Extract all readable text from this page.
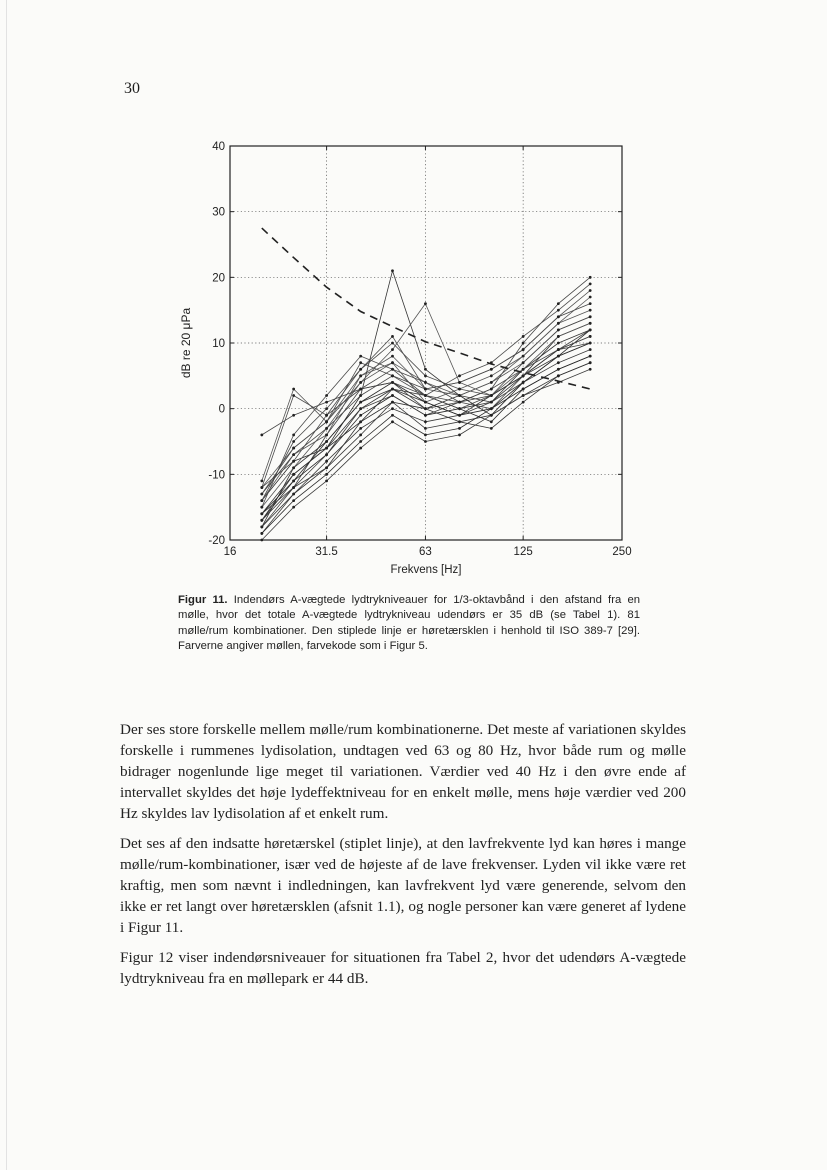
30
-20
-10
0
10
20
30
40
16	31.5	63	125	250
Frekvens [Hz]
dB re 20 μPa
Figur 11. Indendørs A-vægtede lydtrykniveauer for 1/3-oktavbånd i den afstand fra en mølle, hvor det totale A-vægtede lydtrykniveau udendørs er 35 dB (se Tabel 1). 81 mølle/rum kombinationer. Den stiplede linje er høretærsklen i henhold til ISO 389-7 [29]. Farverne angiver møllen, farvekode som i Figur 5.

Der ses store forskelle mellem mølle/rum kombinationerne. Det meste af variationen skyldes forskelle i rummenes lydisolation, undtagen ved 63 og 80 Hz, hvor både rum og mølle bidrager nogenlunde lige meget til variationen. Værdier ved 40 Hz i den øvre ende af intervallet skyldes det høje lydeffektniveau for en enkelt mølle, mens høje værdier ved 200 Hz skyldes lav lydisolation af et enkelt rum.

Det ses af den indsatte høretærskel (stiplet linje), at den lavfrekvente lyd kan høres i mange mølle/rum-kombinationer, især ved de højeste af de lave frekvenser. Lyden vil ikke være ret kraftig, men som nævnt i indledningen, kan lavfrekvent lyd være generende, selvom den ikke er ret langt over høretærsklen (afsnit 1.1), og nogle personer kan være generet af lydene i Figur 11.

Figur 12 viser indendørsniveauer for situationen fra Tabel 2, hvor det udendørs A-vægtede lydtrykniveau fra en møllepark er 44 dB.
